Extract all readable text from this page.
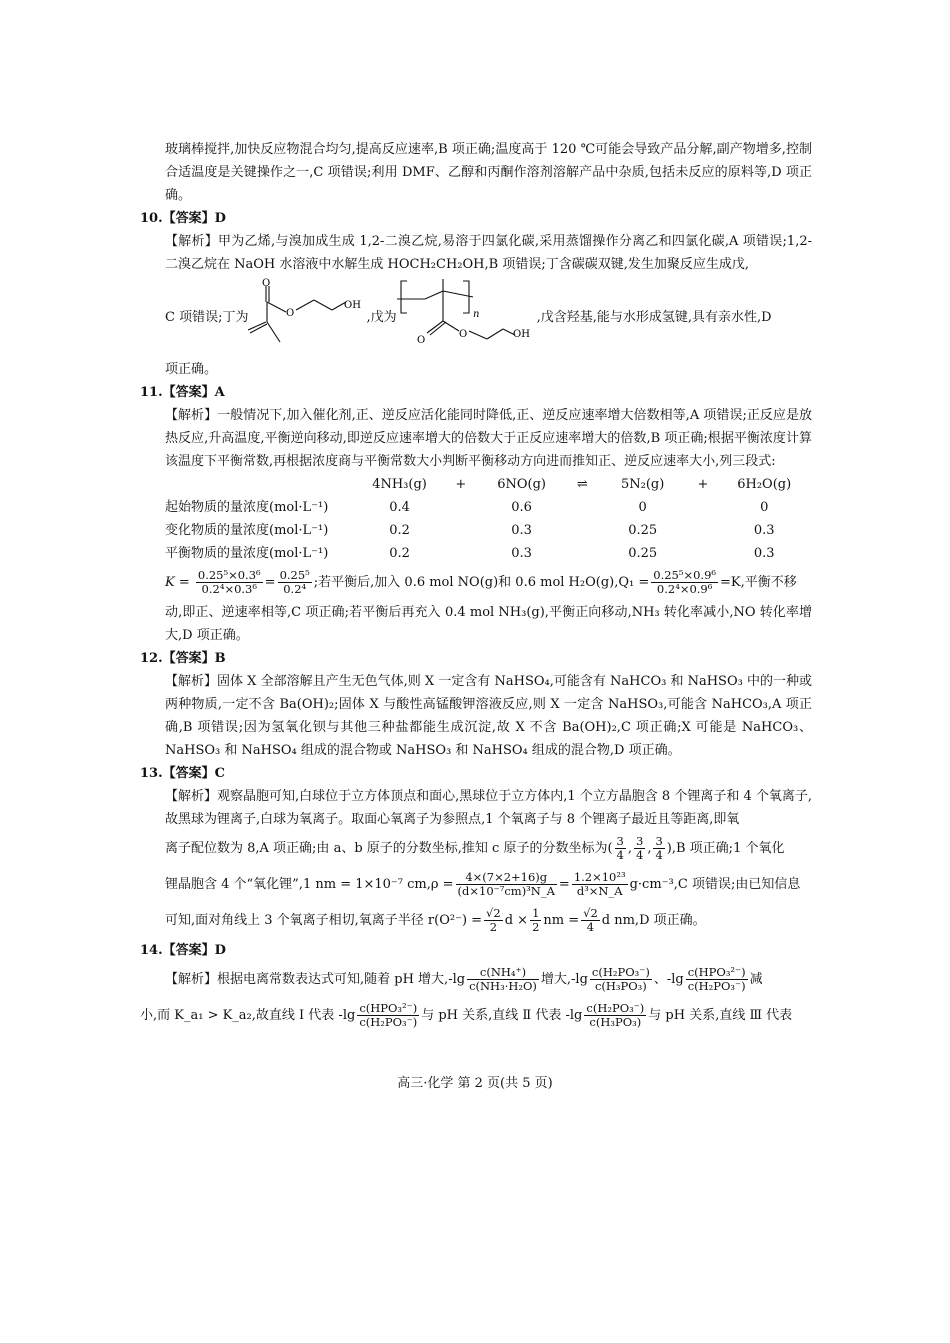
玻璃棒搅拌,加快反应物混合均匀,提高反应速率,B 项正确;温度高于 120 ℃可能会导致产品分解,副产物增多,控制合适温度是关键操作之一,C 项错误;利用 DMF、乙醇和丙酮作溶剂溶解产品中杂质,包括未反应的原料等,D 项正确。

10.【答案】D

【解析】甲为乙烯,与溴加成生成 1,2-二溴乙烷,易溶于四氯化碳,采用蒸馏操作分离乙和四氯化碳,A 项错误;1,2-二溴乙烷在 NaOH 水溶液中水解生成 HOCH₂CH₂OH,B 项错误;丁含碳碳双键,发生加聚反应生成戊,

C 项错误;丁为
O
O
OH
,戊为	n
O
O	OH
,戊含羟基,能与水形成氢键,具有亲水性,D

项正确。

11.【答案】A

【解析】一般情况下,加入催化剂,正、逆反应活化能同时降低,正、逆反应速率增大倍数相等,A 项错误;正反应是放热反应,升高温度,平衡逆向移动,即逆反应速率增大的倍数大于正反应速率增大的倍数,B 项正确;根据平衡浓度计算该温度下平衡常数,再根据浓度商与平衡常数大小判断平衡移动方向进而推知正、逆反应速率大小,列三段式:

	4NH₃(g)	+	6NO(g)	⇌	5N₂(g)	+	6H₂O(g)
起始物质的量浓度(mol·L⁻¹)	0.4		0.6		0		0
变化物质的量浓度(mol·L⁻¹)	0.2		0.3		0.25		0.3
平衡物质的量浓度(mol·L⁻¹)	0.2		0.3		0.25		0.3

$K = \frac{\text{0.25⁵×0.3⁶}}{\text{0.2⁴×0.3⁶}} = \frac{\text{0.25⁵}}{\text{0.2⁴}}$ ;若平衡后,加入 0.6 mol NO(g)和 0.6 mol $H_2O(g),Q_1 = \frac{\text{0.25⁵×0.9⁶}}{\text{0.2⁴×0.9⁶}} =K$,平衡不移

动,即正、逆速率相等,C 项正确;若平衡后再充入 0.4 mol NH₃(g),平衡正向移动,NH₃ 转化率减小,NO 转化率增大,D 项正确。

12.【答案】B

【解析】固体 X 全部溶解且产生无色气体,则 X 一定含有 NaHSO₄,可能含有 NaHCO₃ 和 NaHSO₃ 中的一种或两种物质,一定不含 Ba(OH)₂;固体 X 与酸性高锰酸钾溶液反应,则 X 一定含 NaHSO₃,可能含 NaHCO₃,A 项正确,B 项错误;因为氢氧化钡与其他三种盐都能生成沉淀,故 X 不含 Ba(OH)₂,C 项正确;X 可能是 NaHCO₃、NaHSO₃ 和 NaHSO₄ 组成的混合物或 NaHSO₃ 和 NaHSO₄ 组成的混合物,D 项正确。

13.【答案】C

【解析】观察晶胞可知,白球位于立方体顶点和面心,黑球位于立方体内,1 个立方晶胞含 8 个锂离子和 4 个氧离子,故黑球为锂离子,白球为氧离子。取面心氧离子为参照点,1 个氧离子与 8 个锂离子最近且等距离,即氧

离子配位数为 8,A 项正确;由 a、b 原子的分数坐标,推知 c 原子的分数坐标为( $\frac{3}{4}$ , $\frac{3}{4}$ , $\frac{3}{4} ),B$ 项正确;1 个氧化

锂晶胞含 4 个“氧化锂”,1 nm = 1×10⁻⁷ $cm,\rho = \frac{4\times(7\times 2+16)g}{\text{(d×10⁻⁷cm)³N\_A}} = \frac{\text{1.2×10²³}}{\text{d³×N\_A}} g\cdot cm^{-3},C$ 项错误;由已知信息

可知,面对角线上 3 个氧离子相切,氧离子半径 $r(O^{2-}) = \frac{√2}{2}$ $d \times \frac{1}{2}$ nm = $\frac{√2}{4}$ d nm,D 项正确。

14.【答案】D

【解析】根据电离常数表达式可知,随着 pH 增大$,-\lg \frac{\text{c(NH₄⁺)}}{\text{c(NH₃·H₂O)}}$ 增大$,-\lg \frac{\text{c(H₂PO₃⁻)}}{\text{c(H₃PO₃)}}$ 、$-\lg \frac{\text{c(HPO₃²⁻)}}{\text{c(H₂PO₃⁻)}}$ 减

小,而 K_a₁ > K_a₂,故直线 Ⅰ 代表 $-\lg \frac{\text{c(HPO₃²⁻)}}{\text{c(H₂PO₃⁻)}}$ 与 pH 关系,直线 Ⅱ 代表 $-\lg \frac{\text{c(H₂PO₃⁻)}}{\text{c(H₃PO₃)}}$ 与 pH 关系,直线 Ⅲ 代表

高三·化学 第 2 页(共 5 页)
